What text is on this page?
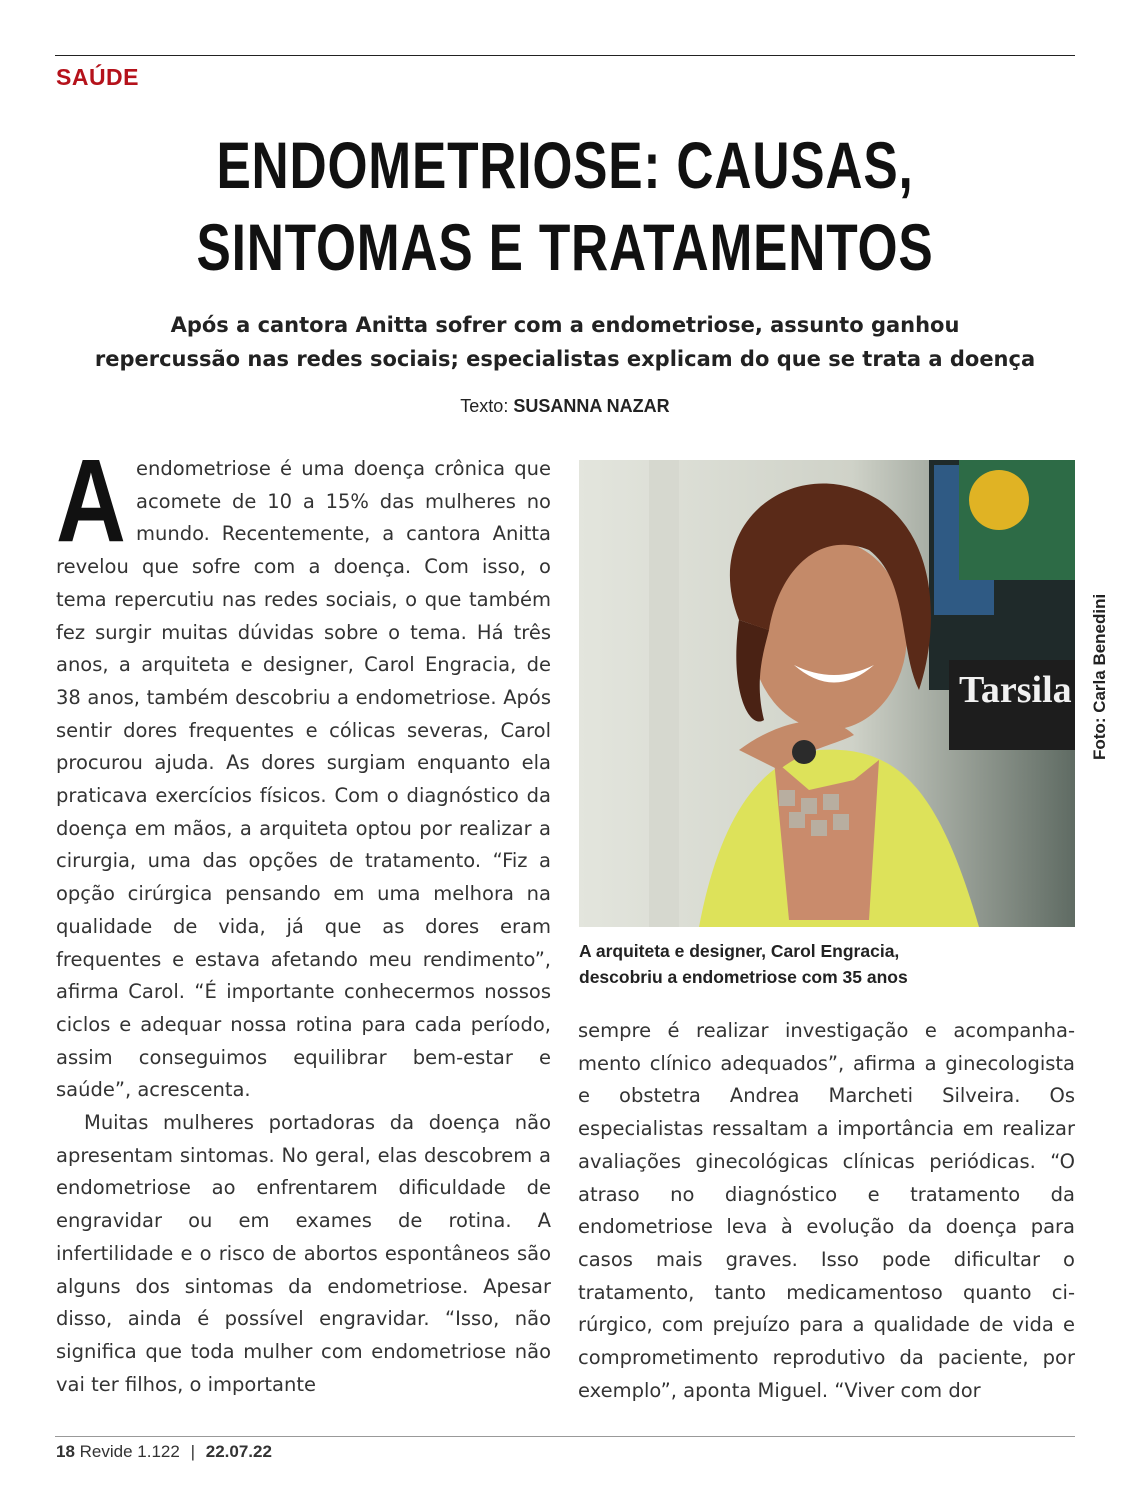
SAÚDE
ENDOMETRIOSE: CAUSAS,
SINTOMAS E TRATAMENTOS
Após a cantora Anitta sofrer com a endometriose, assunto ganhou
repercussão nas redes sociais; especialistas explicam do que se trata a doença
Texto: SUSANNA NAZAR

A endometriose é uma doença crônica que acomete de 10 a 15% das mulheres no mundo. Recentemente, a cantora Anitta revelou que sofre com a doença. Com isso, o tema repercutiu nas redes sociais, o que também fez surgir muitas dúvidas sobre o tema. Há três anos, a arquiteta e designer, Carol Engracia, de 38 anos, também descobriu a endometriose. Após sentir dores frequentes e cólicas severas, Carol procurou ajuda. As dores surgiam enquanto ela praticava exercícios físicos. Com o diagnóstico da doença em mãos, a arquiteta optou por realizar a cirurgia, uma das opções de tratamento. “Fiz a opção cirúrgica pensando em uma melhora na qualidade de vida, já que as dores eram frequentes e estava afetando meu rendimento”, afirma Carol. “É importante conhecermos nossos ciclos e adequar nossa rotina para cada período, assim conseguimos equilibrar bem-estar e saúde”, acrescenta.

Muitas mulheres portadoras da doença não apresentam sintomas. No geral, elas descobrem a endometriose ao enfrentarem dificuldade de engravidar ou em exames de rotina. A infertilidade e o risco de abortos espontâneos são alguns dos sintomas da endometriose. Apesar disso, ainda é possível engravidar. “Isso, não significa que toda mulher com endometriose não vai ter filhos, o importante

Tarsila Foto: Carla Benedini
A arquiteta e designer, Carol Engracia,
descobriu a endometriose com 35 anos

sempre é realizar investigação e acompanhamento clínico adequados”, afirma a ginecologista e obstetra Andrea Marcheti Silveira. Os especialistas ressaltam a importância em realizar avaliações ginecológicas clínicas periódicas. “O atraso no diagnóstico e tratamento da endometriose leva à evolução da doença para casos mais graves. Isso pode dificultar o tratamento, tanto medicamentoso quanto cirúrgico, com prejuízo para a qualidade de vida e comprometimento reprodutivo da paciente, por exemplo”, aponta Miguel. “Viver com dor

18 Revide 1.122 | 22.07.22
